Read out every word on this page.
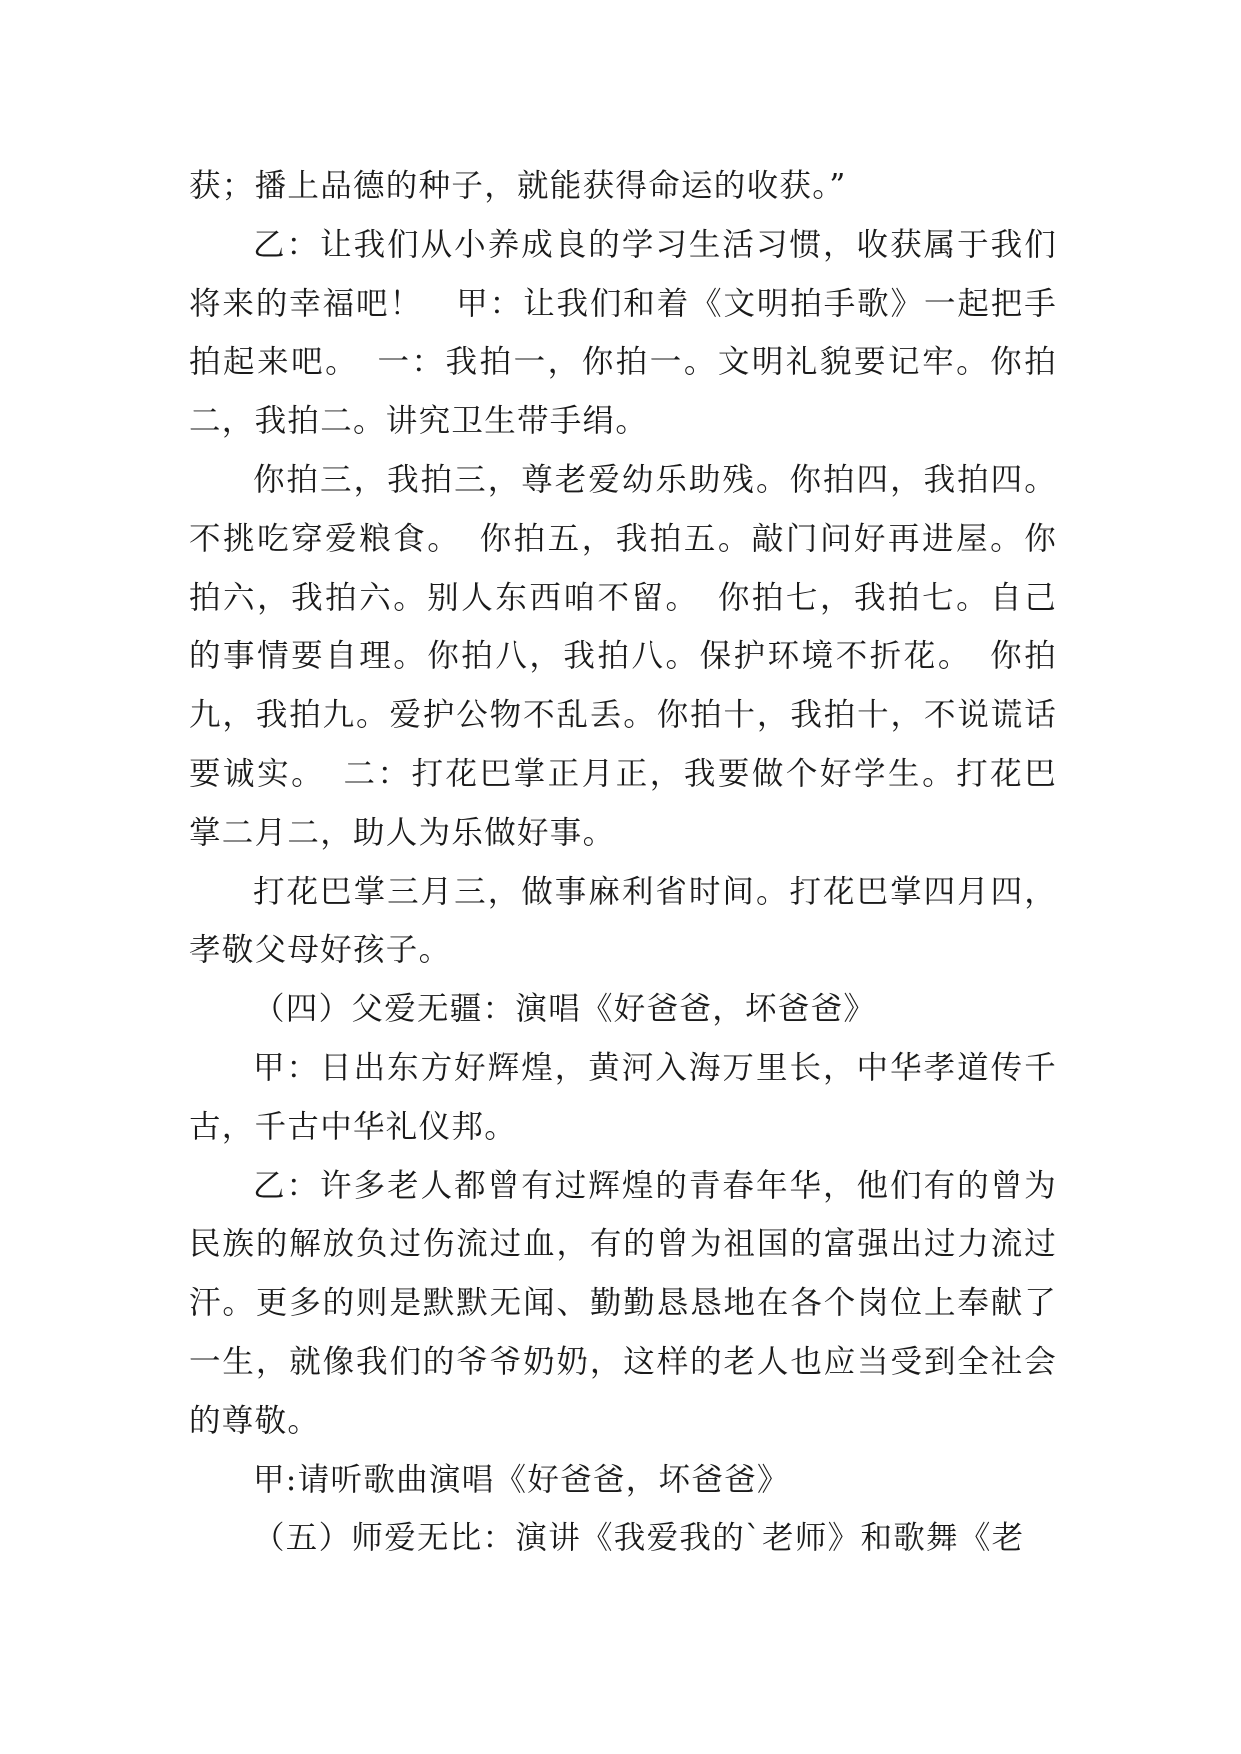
获；播上品德的种子，就能获得命运的收获。”

乙：让我们从小养成良的学习生活习惯，收获属于我们将来的幸福吧！　甲：让我们和着《文明拍手歌》一起把手拍起来吧。　一：我拍一，你拍一。文明礼貌要记牢。你拍二，我拍二。讲究卫生带手绢。

你拍三，我拍三，尊老爱幼乐助残。你拍四，我拍四。不挑吃穿爱粮食。　你拍五，我拍五。敲门问好再进屋。你拍六，我拍六。别人东西咱不留。　你拍七，我拍七。自己的事情要自理。你拍八，我拍八。保护环境不折花。　你拍九，我拍九。爱护公物不乱丢。你拍十，我拍十，不说谎话要诚实。　二：打花巴掌正月正，我要做个好学生。打花巴掌二月二，助人为乐做好事。

打花巴掌三月三，做事麻利省时间。打花巴掌四月四，孝敬父母好孩子。

（四）父爱无疆：演唱《好爸爸，坏爸爸》

甲：日出东方好辉煌，黄河入海万里长，中华孝道传千古，千古中华礼仪邦。

乙：许多老人都曾有过辉煌的青春年华，他们有的曾为民族的解放负过伤流过血，有的曾为祖国的富强出过力流过汗。更多的则是默默无闻、勤勤恳恳地在各个岗位上奉献了一生，就像我们的爷爷奶奶，这样的老人也应当受到全社会的尊敬。

甲:请听歌曲演唱《好爸爸，坏爸爸》

（五）师爱无比：演讲《我爱我的`老师》和歌舞《老
